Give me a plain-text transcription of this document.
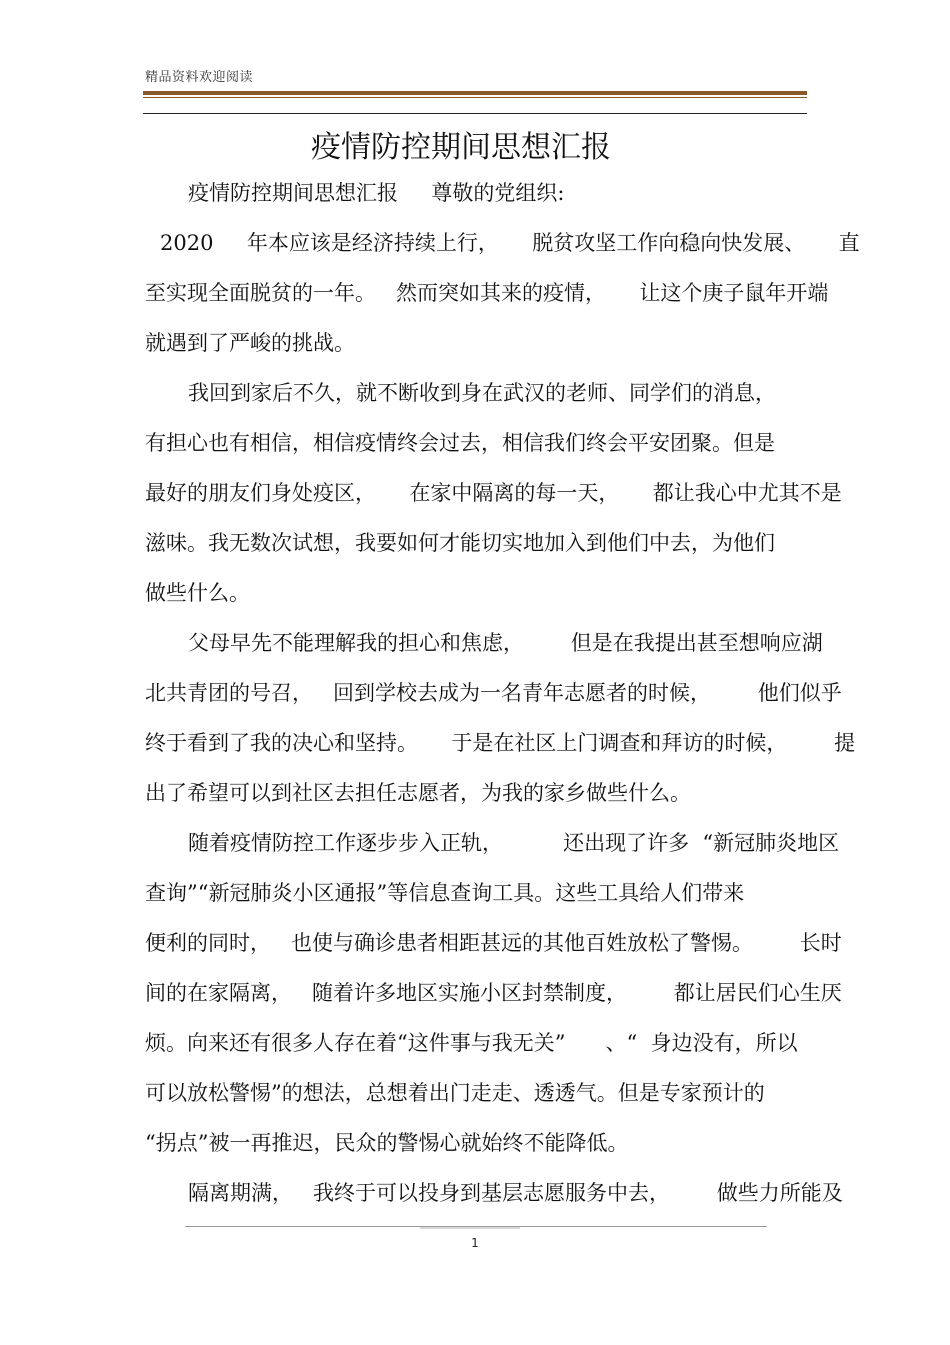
精品资料欢迎阅读
疫情防控期间思想汇报
疫情防控期间思想汇报     尊敬的党组织:
2020     年本应该是经济持续上行，     脱贫攻坚工作向稳向快发展、     直
至实现全面脱贫的一年。   然而突如其来的疫情，     让这个庚子鼠年开端
就遇到了严峻的挑战。
我回到家后不久，就不断收到身在武汉的老师、同学们的消息，
有担心也有相信，相信疫情终会过去，相信我们终会平安团聚。但是
最好的朋友们身处疫区，     在家中隔离的每一天，     都让我心中尤其不是
滋味。我无数次试想，我要如何才能切实地加入到他们中去，为他们
做些什么。
父母早先不能理解我的担心和焦虑，       但是在我提出甚至想响应湖
北共青团的号召，   回到学校去成为一名青年志愿者的时候，       他们似乎
终于看到了我的决心和坚持。     于是在社区上门调查和拜访的时候，       提
出了希望可以到社区去担任志愿者，为我的家乡做些什么。
随着疫情防控工作逐步步入正轨，         还出现了许多  “新冠肺炎地区
查询”“新冠肺炎小区通报”等信息查询工具。这些工具给人们带来
便利的同时，   也使与确诊患者相距甚远的其他百姓放松了警惕。       长时
间的在家隔离，   随着许多地区实施小区封禁制度，       都让居民们心生厌
烦。向来还有很多人存在着“这件事与我无关”      、“  身边没有，所以
可以放松警惕”的想法，总想着出门走走、透透气。但是专家预计的
“拐点”被一再推迟，民众的警惕心就始终不能降低。
隔离期满，   我终于可以投身到基层志愿服务中去，       做些力所能及
1
